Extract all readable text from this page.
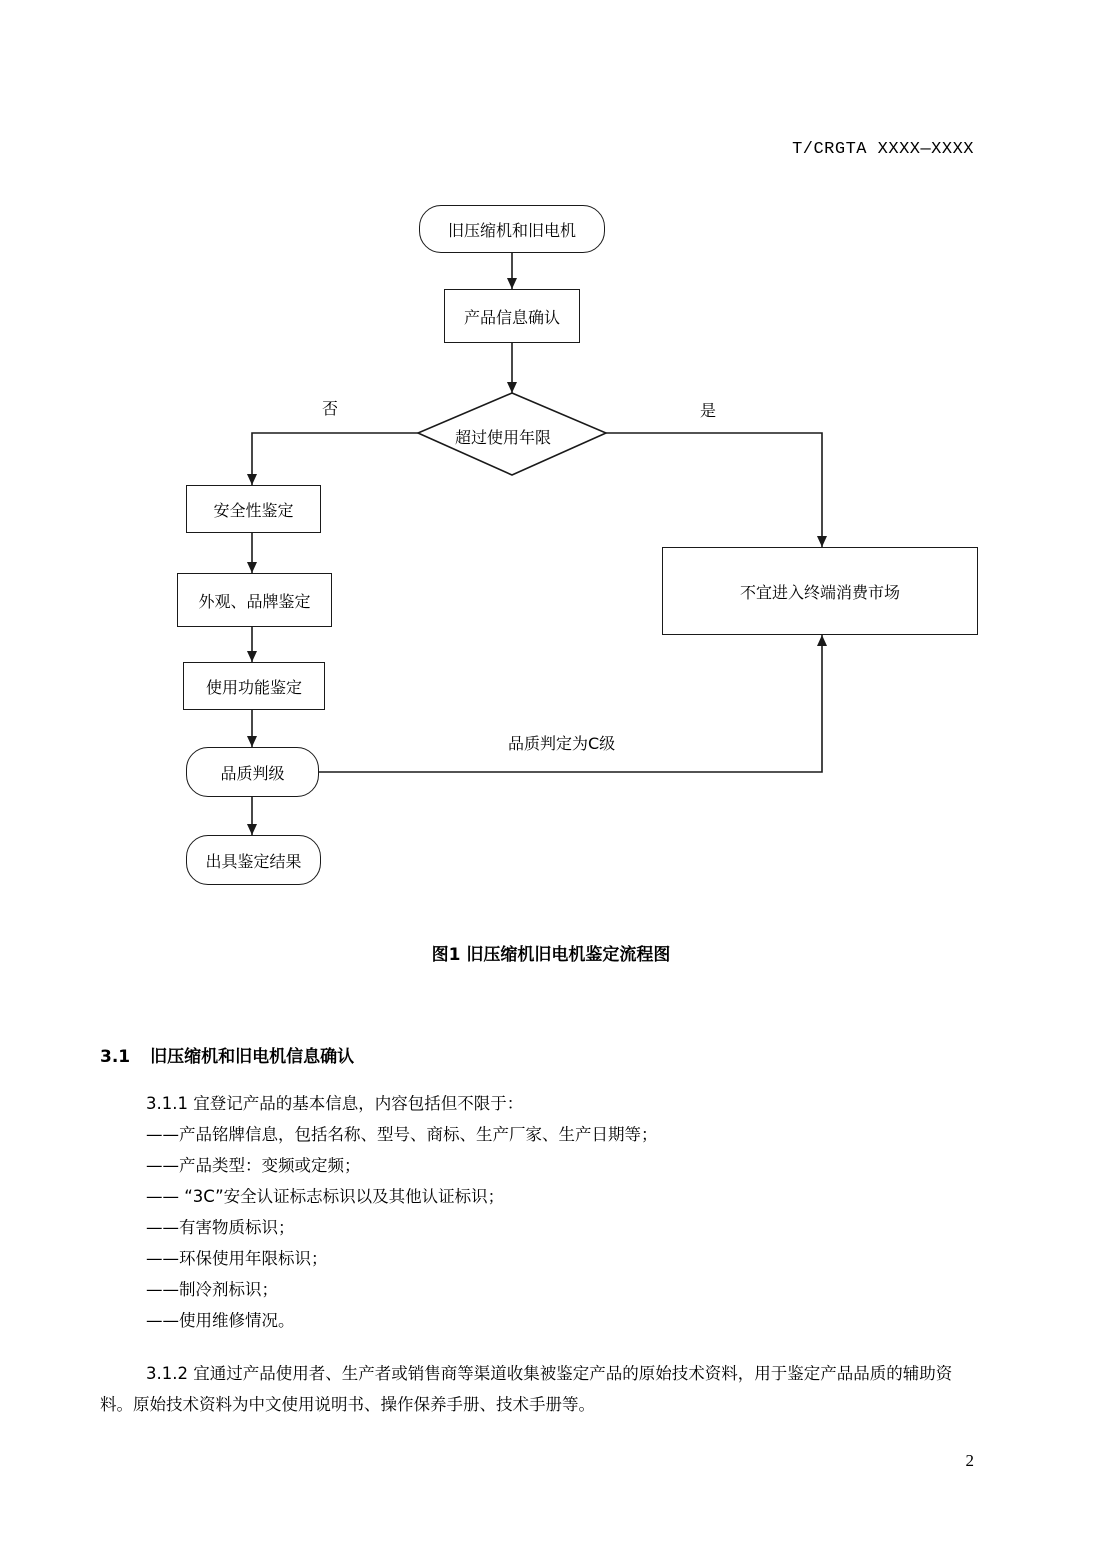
T/CRGTA XXXX—XXXX
旧压缩机和旧电机
产品信息确认
超过使用年限
否	是
安全性鉴定
外观、品牌鉴定
使用功能鉴定
品质判级
出具鉴定结果
不宜进入终端消费市场
品质判定为C级
图1 旧压缩机旧电机鉴定流程图
3.1 旧压缩机和旧电机信息确认
3.1.1 宜登记产品的基本信息，内容包括但不限于：
——产品铭牌信息，包括名称、型号、商标、生产厂家、生产日期等；
——产品类型：变频或定频；
—— “3C”安全认证标志标识以及其他认证标识；
——有害物质标识；
——环保使用年限标识；
——制冷剂标识；
——使用维修情况。
3.1.2 宜通过产品使用者、生产者或销售商等渠道收集被鉴定产品的原始技术资料，用于鉴定产品品质的辅助资料。原始技术资料为中文使用说明书、操作保养手册、技术手册等。
2
